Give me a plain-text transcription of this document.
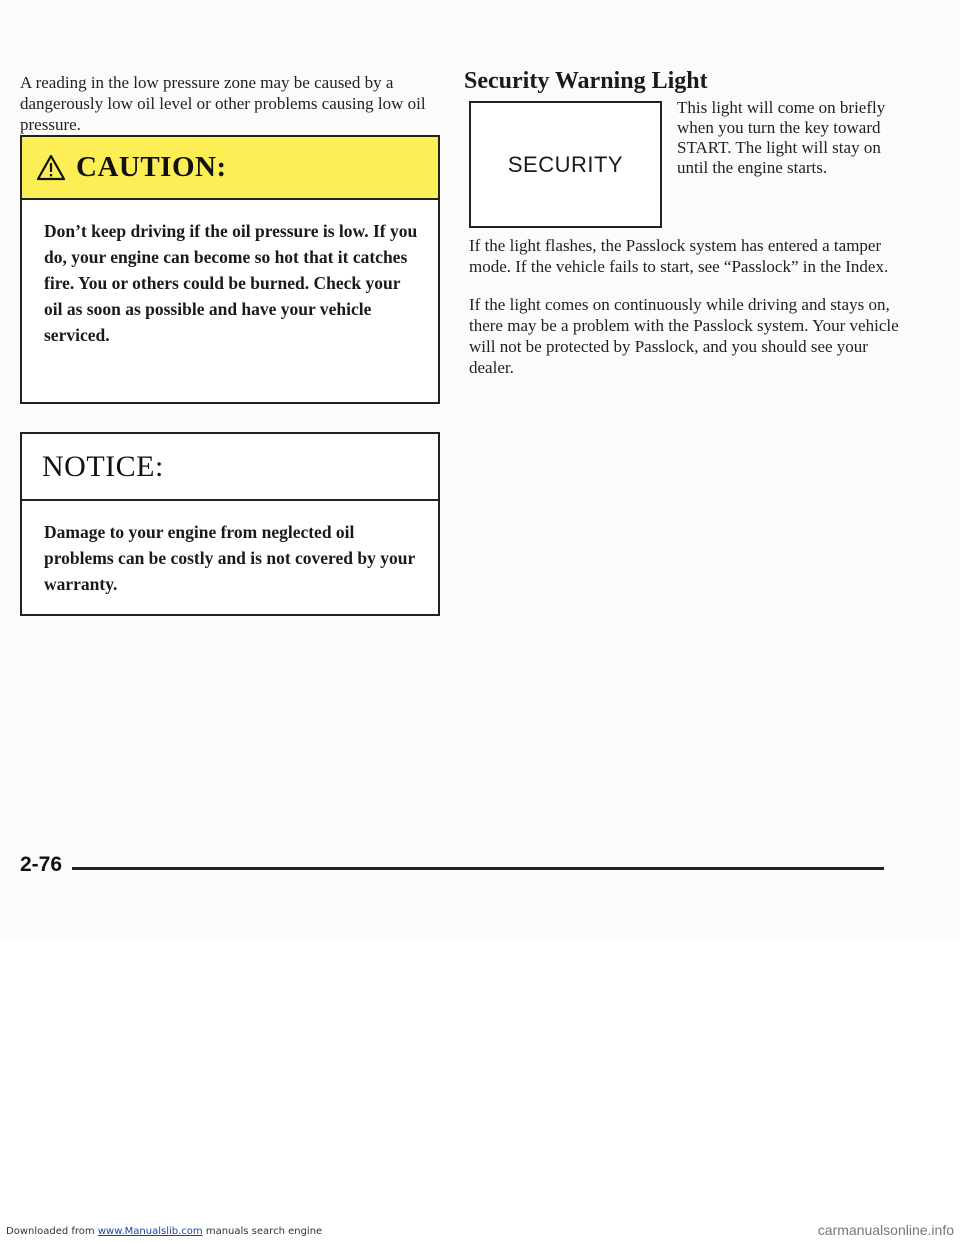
A reading in the low pressure zone may be caused by a dangerously low oil level or other problems causing low oil pressure.

CAUTION:
Don’t keep driving if the oil pressure is low. If you do, your engine can become so hot that it catches fire. You or others could be burned. Check your oil as soon as possible and have your vehicle serviced.
NOTICE:
Damage to your engine from neglected oil problems can be costly and is not covered by your warranty.
Security Warning Light
SECURITY

This light will come on briefly when you turn the key toward START. The light will stay on until the engine starts.

If the light flashes, the Passlock system has entered a tamper mode. If the vehicle fails to start, see “Passlock” in the Index.

If the light comes on continuously while driving and stays on, there may be a problem with the Passlock system. Your vehicle will not be protected by Passlock, and you should see your dealer.

2-76
Downloaded from www.Manualslib.com manuals search engine	carmanualsonline.info
